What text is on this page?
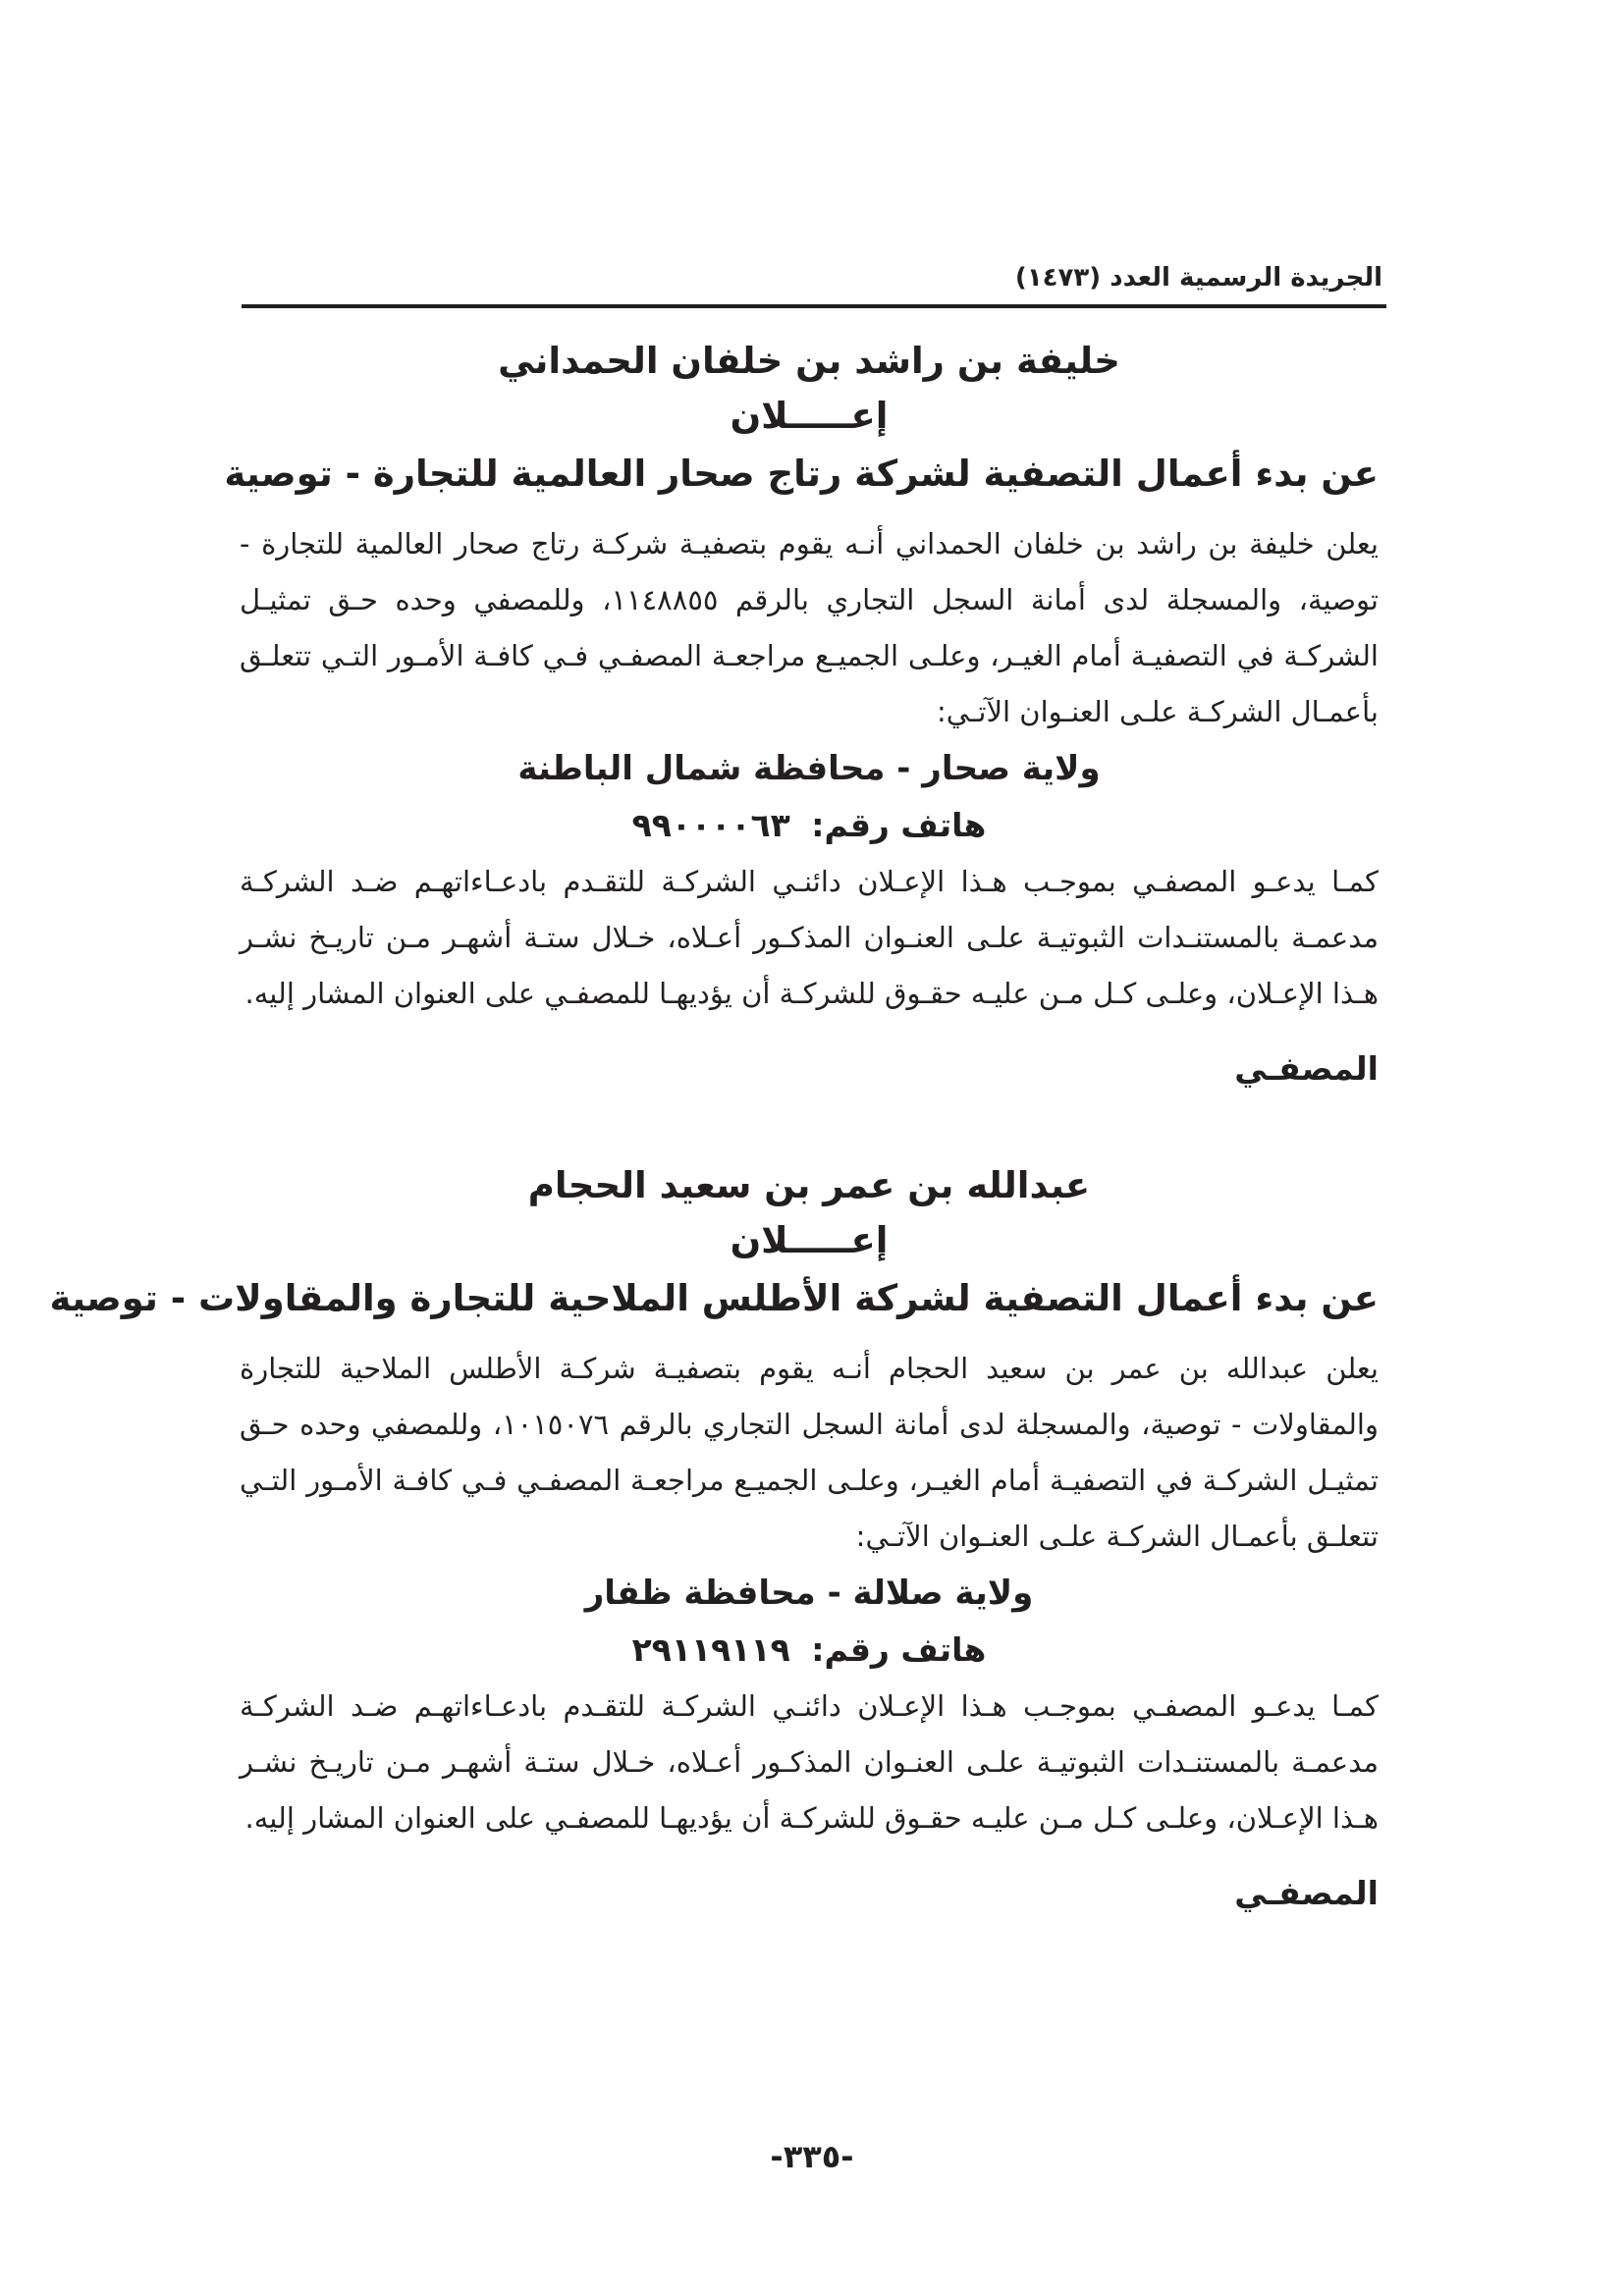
الجريدة الرسمية العدد (١٤٧٣)
خليفة بن راشد بن خلفان الحمداني
إعـــــلان
عن بدء أعمال التصفية لشركة رتاج صحار العالمية للتجارة - توصية

يعلن خليفة بن راشد بن خلفان الحمداني أنـه يقوم بتصفيـة شركـة رتاج صحار العالمية للتجارة - توصية، والمسجلة لدى أمانة السجل التجاري بالرقم ١١٤٨٨٥٥، وللمصفي وحده حـق تمثيـل الشركـة في التصفيـة أمام الغيـر، وعلـى الجميـع مراجعـة المصفـي فـي كافـة الأمـور التـي تتعلـق بأعمـال الشركـة علـى العنـوان الآتـي:

ولاية صحار - محافظة شمال الباطنة
هاتف رقم: ٩٩٠٠٠٠٦٣

كمـا يدعـو المصفـي بموجـب هـذا الإعـلان دائنـي الشركـة للتقـدم بادعـاءاتهـم ضـد الشركـة مدعمـة بالمستنـدات الثبوتيـة علـى العنـوان المذكـور أعـلاه، خـلال ستـة أشهـر مـن تاريـخ نشـر هـذا الإعـلان، وعلـى كـل مـن عليـه حقـوق للشركـة أن يؤديهـا للمصفـي على العنوان المشار إليه.

المصفـي
عبدالله بن عمر بن سعيد الحجام
إعـــــلان
عن بدء أعمال التصفية لشركة الأطلس الملاحية للتجارة والمقاولات - توصية

يعلن عبدالله بن عمر بن سعيد الحجام أنـه يقوم بتصفيـة شركـة الأطلس الملاحية للتجارة والمقاولات - توصية، والمسجلة لدى أمانة السجل التجاري بالرقم ١٠١٥٠٧٦، وللمصفي وحده حـق تمثيـل الشركـة في التصفيـة أمام الغيـر، وعلـى الجميـع مراجعـة المصفـي فـي كافـة الأمـور التـي تتعلـق بأعمـال الشركـة علـى العنـوان الآتـي:

ولاية صلالة - محافظة ظفار
هاتف رقم: ٢٩١١٩١١٩

كمـا يدعـو المصفـي بموجـب هـذا الإعـلان دائنـي الشركـة للتقـدم بادعـاءاتهـم ضـد الشركـة مدعمـة بالمستنـدات الثبوتيـة علـى العنـوان المذكـور أعـلاه، خـلال ستـة أشهـر مـن تاريـخ نشـر هـذا الإعـلان، وعلـى كـل مـن عليـه حقـوق للشركـة أن يؤديهـا للمصفـي على العنوان المشار إليه.

المصفـي
-٣٣٥-
